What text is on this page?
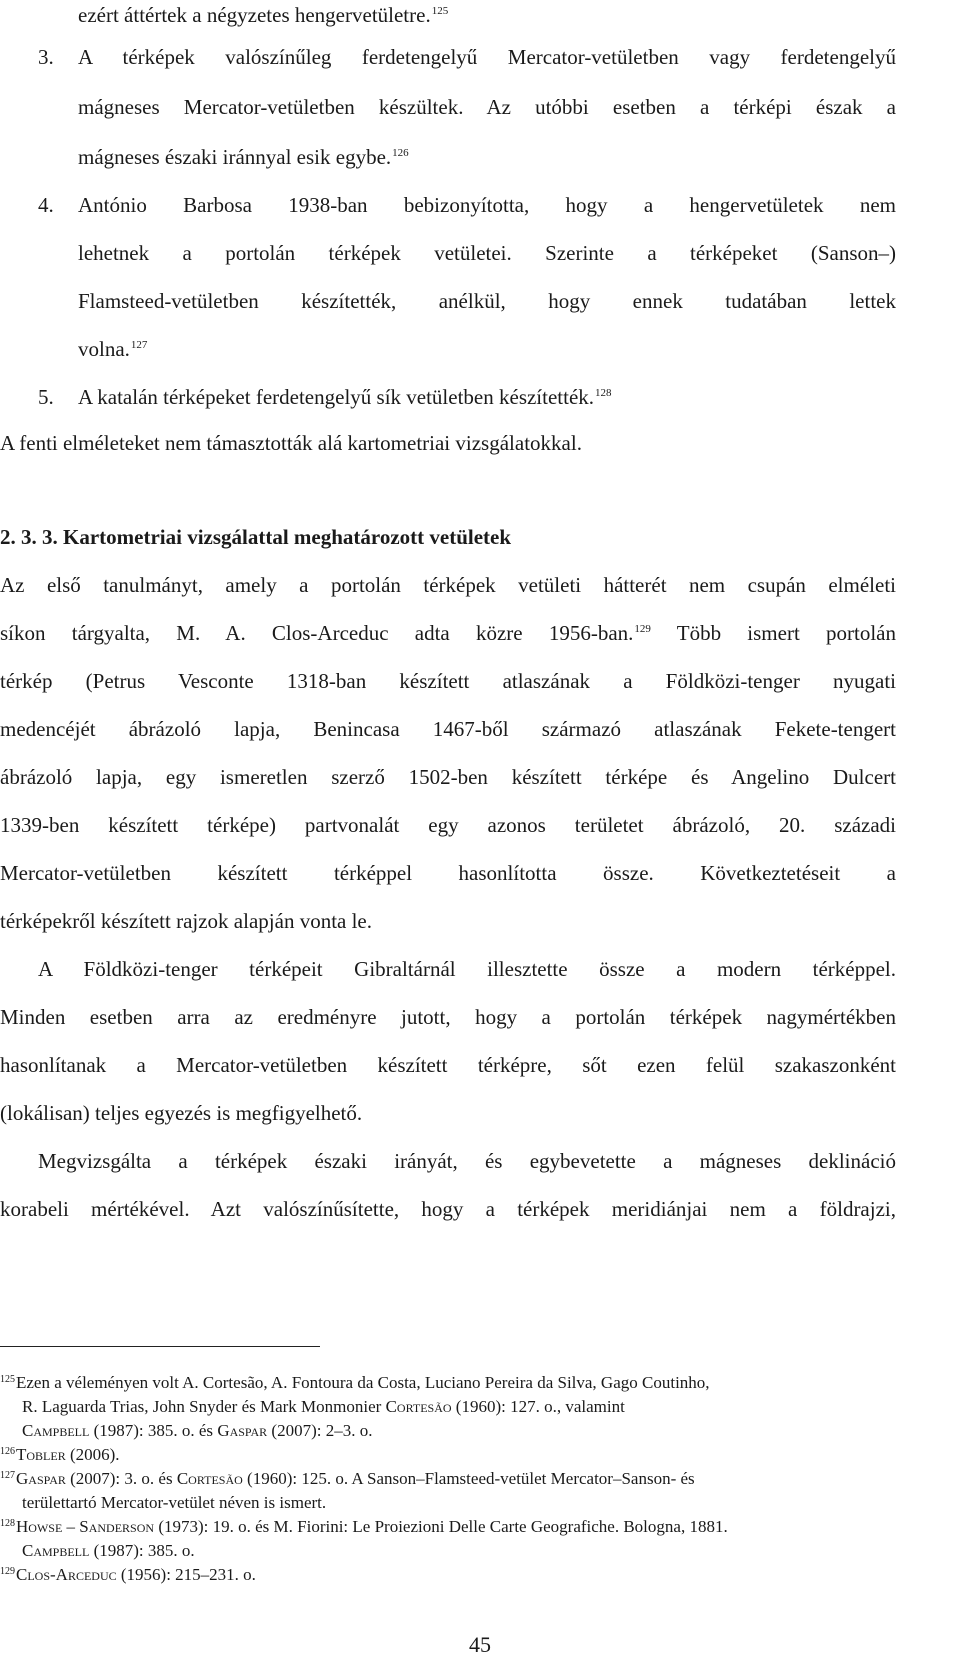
ezért áttértek a négyzetes hengervetületre.$^{125}$
3. A térképek valószínűleg ferdetengelyű Mercator-vetületben vagy ferdetengelyű
mágneses Mercator-vetületben készültek. Az utóbbi esetben a térképi észak a
mágneses északi iránnyal esik egybe.$^{126}$
4. António Barbosa 1938-ban bebizonyította, hogy a hengervetületek nem
lehetnek a portolán térképek vetületei. Szerinte a térképeket (Sanson–)
Flamsteed-vetületben készítették, anélkül, hogy ennek tudatában lettek
volna.$^{127}$
5. A katalán térképeket ferdetengelyű sík vetületben készítették.$^{128}$
A fenti elméleteket nem támasztották alá kartometriai vizsgálatokkal.
2. 3. 3. Kartometriai vizsgálattal meghatározott vetületek
Az első tanulmányt, amely a portolán térképek vetületi hátterét nem csupán elméleti
síkon tárgyalta, M. A. Clos-Arceduc adta közre 1956-ban.$^{129}$ Több ismert portolán
térkép (Petrus Vesconte 1318-ban készített atlaszának a Földközi-tenger nyugati
medencéjét ábrázoló lapja, Benincasa 1467-ből származó atlaszának Fekete-tengert
ábrázoló lapja, egy ismeretlen szerző 1502-ben készített térképe és Angelino Dulcert
1339-ben készített térképe) partvonalát egy azonos területet ábrázoló, 20. századi
Mercator-vetületben készített térképpel hasonlította össze. Következtetéseit a
térképekről készített rajzok alapján vonta le.
A Földközi-tenger térképeit Gibraltárnál illesztette össze a modern térképpel.
Minden esetben arra az eredményre jutott, hogy a portolán térképek nagymértékben
hasonlítanak a Mercator-vetületben készített térképre, sőt ezen felül szakaszonként
(lokálisan) teljes egyezés is megfigyelhető.
Megvizsgálta a térképek északi irányát, és egybevetette a mágneses deklináció
korabeli mértékével. Azt valószínűsítette, hogy a térképek meridiánjai nem a földrajzi,
$^{125}$Ezen a véleményen volt A. Cortesão, A. Fontoura da Costa, Luciano Pereira da Silva, Gago Coutinho,
R. Laguarda Trias, John Snyder és Mark Monmonier Cortesão (1960): 127. o., valamint
Campbell (1987): 385. o. és Gaspar (2007): 2–3. o.
$^{126}$Tobler (2006).
$^{127}$Gaspar (2007): 3. o. és Cortesão (1960): 125. o. A Sanson–Flamsteed-vetület Mercator–Sanson- és
területtartó Mercator-vetület néven is ismert.
$^{128}$Howse – Sanderson (1973): 19. o. és M. Fiorini: Le Proiezioni Delle Carte Geografiche. Bologna, 1881.
Campbell (1987): 385. o.
$^{129}$Clos-Arceduc (1956): 215–231. o.
45
